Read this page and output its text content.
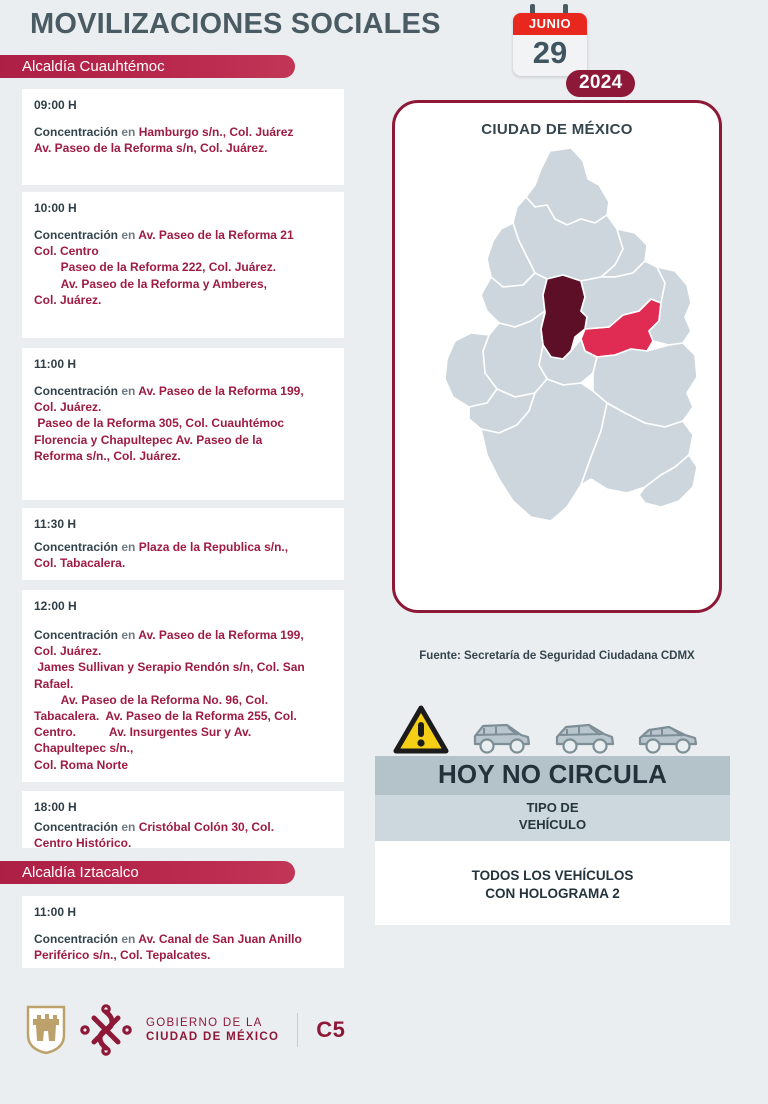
MOVILIZACIONES SOCIALES	JUNIO
29
2024
Alcaldía Cuauhtémoc

09:00 H

Concentración en Hamburgo s/n., Col. Juárez
Av. Paseo de la Reforma s/n, Col. Juárez.

10:00 H

Concentración en Av. Paseo de la Reforma 21
Col. Centro
Paseo de la Reforma 222, Col. Juárez.
Av. Paseo de la Reforma y Amberes,
Col. Juárez.

11:00 H

Concentración en Av. Paseo de la Reforma 199,
Col. Juárez.
Paseo de la Reforma 305, Col. Cuauhtémoc
Florencia y Chapultepec Av. Paseo de la
Reforma s/n., Col. Juárez.

11:30 H

Concentración en Plaza de la Republica s/n.,
Col. Tabacalera.

12:00 H

Concentración en Av. Paseo de la Reforma 199,
Col. Juárez.
James Sullivan y Serapio Rendón s/n, Col. San
Rafael.
Av. Paseo de la Reforma No. 96, Col.
Tabacalera.  Av. Paseo de la Reforma 255, Col.
Centro.          Av. Insurgentes Sur y Av.
Chapultepec s/n.,
Col. Roma Norte

18:00 H

Concentración en Cristóbal Colón 30, Col.
Centro Histórico.

Alcaldía Iztacalco

11:00 H

Concentración en Av. Canal de San Juan Anillo
Periférico s/n., Col. Tepalcates.

CIUDAD DE MÉXICO
Fuente: Secretaría de Seguridad Ciudadana CDMX
HOY NO CIRCULA
TIPO DE
VEHÍCULO
TODOS LOS VEHÍCULOS
CON HOLOGRAMA 2
GOBIERNO DE LA
CIUDAD DE MÉXICO C5
